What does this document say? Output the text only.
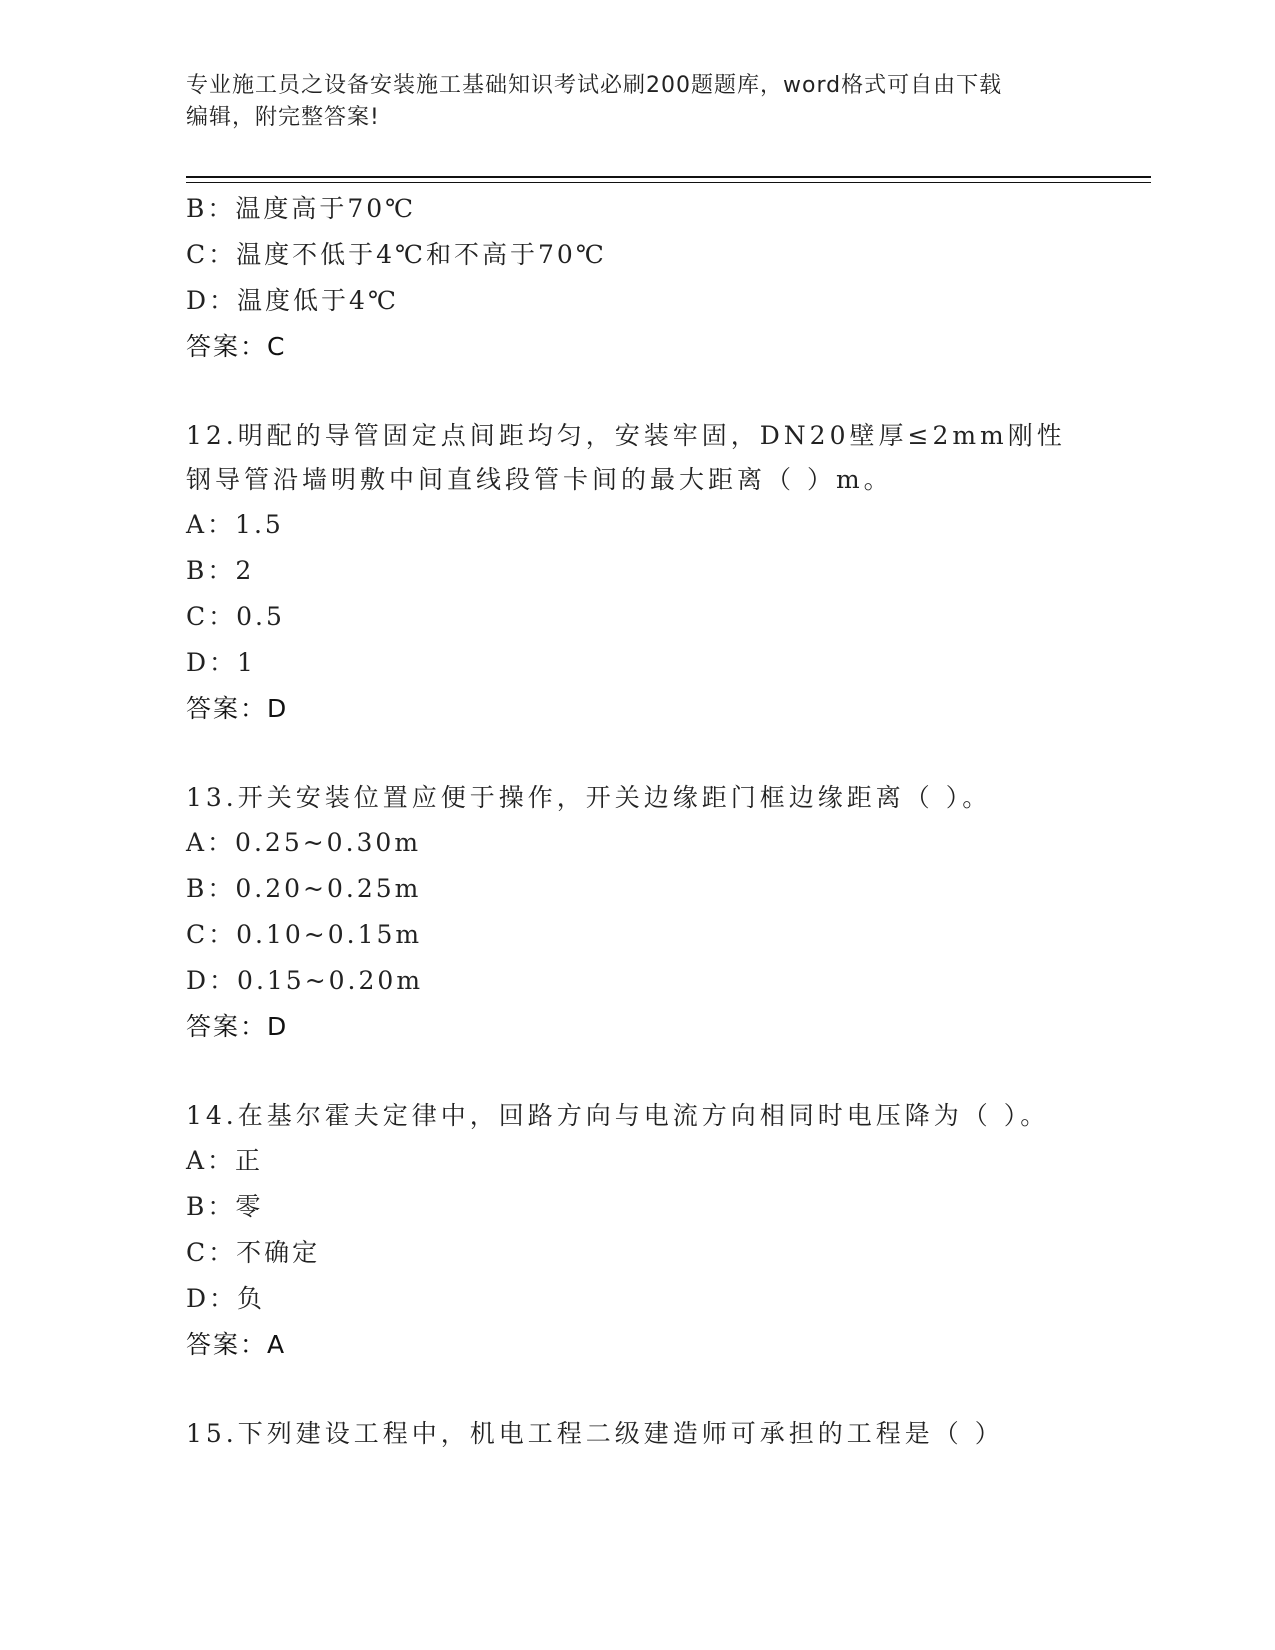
专业施工员之设备安装施工基础知识考试必刷200题题库，word格式可自由下载
编辑，附完整答案!
B：温度高于70℃
C：温度不低于4℃和不高于70℃
D：温度低于4℃
答案：C
12.明配的导管固定点间距均匀，安装牢固，DN20壁厚≤2mm刚性钢导管沿墙明敷中间直线段管卡间的最大距离（ ）m。
A：1.5
B：2
C：0.5
D：1
答案：D
13.开关安装位置应便于操作，开关边缘距门框边缘距离（ ）。
A：0.25~0.30m
B：0.20~0.25m
C：0.10~0.15m
D：0.15~0.20m
答案：D
14.在基尔霍夫定律中，回路方向与电流方向相同时电压降为（ ）。
A：正
B：零
C：不确定
D：负
答案：A
15.下列建设工程中，机电工程二级建造师可承担的工程是（ ）
